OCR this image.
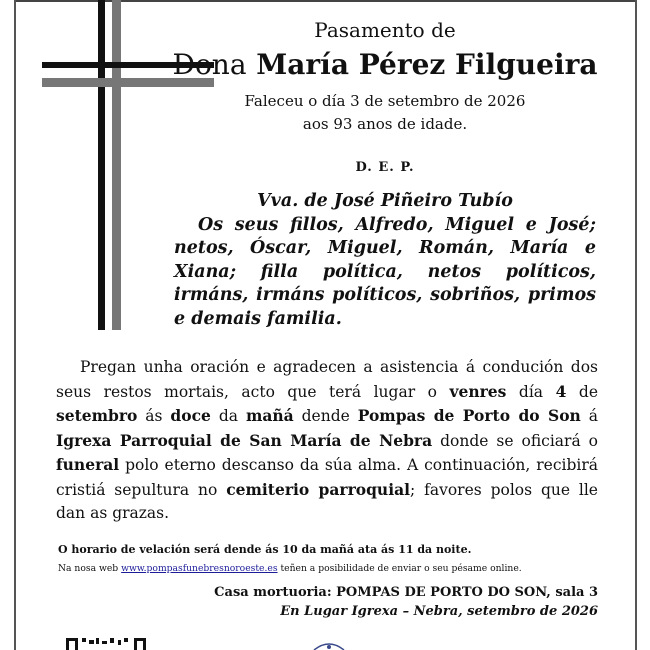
Pasamento de
Dona María Pérez Filgueira
Faleceu o día 3 de setembro de 2026
aos 93 anos de idade.
D. E. P.
Vva. de José Piñeiro Tubío
Os seus fillos, Alfredo, Miguel e José; netos, Óscar, Miguel, Román, María e Xiana; filla política, netos políticos, irmáns, irmáns políticos, sobriños, primos e demais familia.
Pregan unha oración e agradecen a asistencia á condución dos seus restos mortais, acto que terá lugar o venres día 4 de setembro ás doce da mañá dende Pompas de Porto do Son á Igrexa Parroquial de San María de Nebra donde se oficiará o funeral polo eterno descanso da súa alma. A continuación, recibirá cristiá sepultura no cemiterio parroquial; favores polos que lle dan as grazas.
O horario de velación será dende ás 10 da mañá ata ás 11 da noite.
Na nosa web www.pompasfunebresnoroeste.es teñen a posibilidade de enviar o seu pésame online.
Casa mortuoria: POMPAS DE PORTO DO SON, sala 3
En Lugar Igrexa – Nebra, setembro de 2026
